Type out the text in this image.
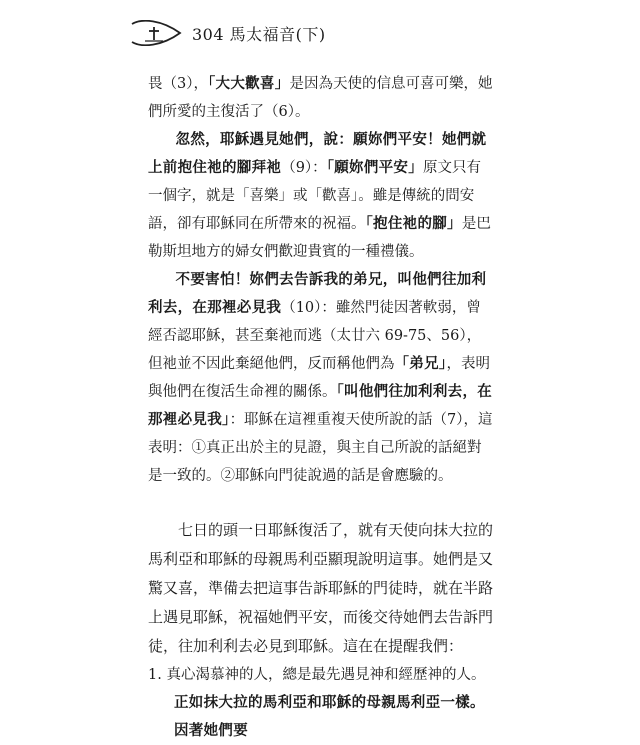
304 馬太福音(下)

畏（3），「大大歡喜」是因為天使的信息可喜可樂，她們所愛的主復活了（6）。

忽然，耶穌遇見她們，說：願妳們平安！她們就上前抱住祂的腳拜祂（9）：「願妳們平安」原文只有一個字，就是「喜樂」或「歡喜」。雖是傳統的問安語，卻有耶穌同在所帶來的祝福。「抱住祂的腳」是巴勒斯坦地方的婦女們歡迎貴賓的一種禮儀。

不要害怕！妳們去告訴我的弟兄，叫他們往加利利去，在那裡必見我（10）：雖然門徒因著軟弱，曾經否認耶穌，甚至棄祂而逃（太廿六 69-75、56），但祂並不因此棄絕他們，反而稱他們為「弟兄」，表明與他們在復活生命裡的關係。「叫他們往加利利去，在那裡必見我」：耶穌在這裡重複天使所說的話（7），這表明：①真正出於主的見證，與主自己所說的話絕對是一致的。②耶穌向門徒說過的話是會應驗的。

七日的頭一日耶穌復活了，就有天使向抹大拉的馬利亞和耶穌的母親馬利亞顯現說明這事。她們是又驚又喜，準備去把這事告訴耶穌的門徒時，就在半路上遇見耶穌，祝福她們平安，而後交待她們去告訴門徒，往加利利去必見到耶穌。這在在提醒我們：

1. 真心渴慕神的人，總是最先遇見神和經歷神的人。正如抹大拉的馬利亞和耶穌的母親馬利亞一樣。因著她們要
